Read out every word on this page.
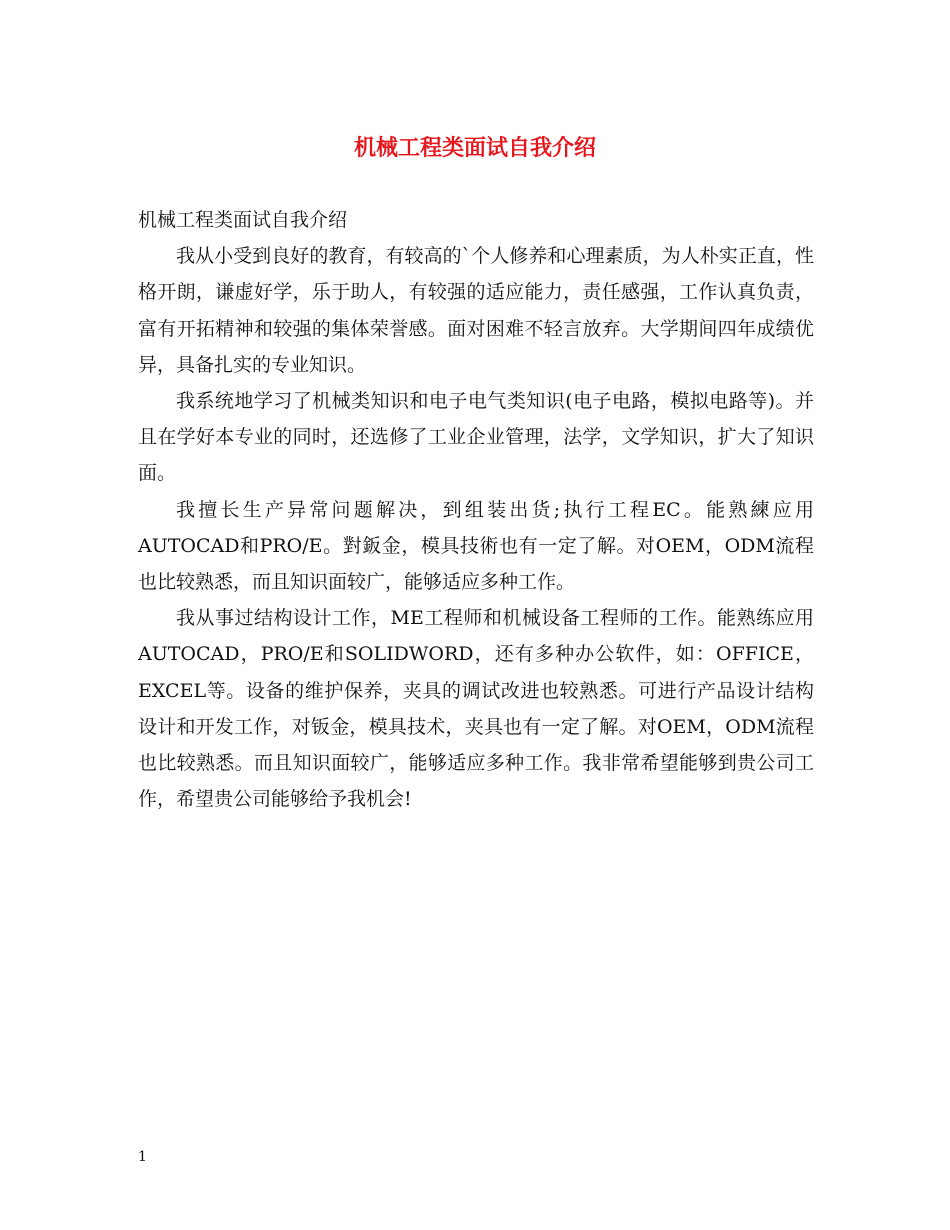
机械工程类面试自我介绍

机械工程类面试自我介绍

我从小受到良好的教育，有较高的`个人修养和心理素质，为人朴实正直，性格开朗，谦虚好学，乐于助人，有较强的适应能力，责任感强，工作认真负责，富有开拓精神和较强的集体荣誉感。面对困难不轻言放弃。大学期间四年成绩优异，具备扎实的专业知识。

我系统地学习了机械类知识和电子电气类知识(电子电路，模拟电路等)。并且在学好本专业的同时，还选修了工业企业管理，法学，文学知识，扩大了知识面。

我擅长生产异常问题解决，到组装出货;执行工程EC。能熟練应用AUTOCAD和PRO/E。對鈑金，模具技術也有一定了解。对OEM，ODM流程也比较熟悉，而且知识面较广，能够适应多种工作。

我从事过结构设计工作，ME工程师和机械设备工程师的工作。能熟练应用AUTOCAD，PRO/E和SOLIDWORD，还有多种办公软件，如：OFFICE，EXCEL等。设备的维护保养，夹具的调试改进也较熟悉。可进行产品设计结构设计和开发工作，对钣金，模具技术，夹具也有一定了解。对OEM，ODM流程也比较熟悉。而且知识面较广，能够适应多种工作。我非常希望能够到贵公司工作，希望贵公司能够给予我机会!

1
